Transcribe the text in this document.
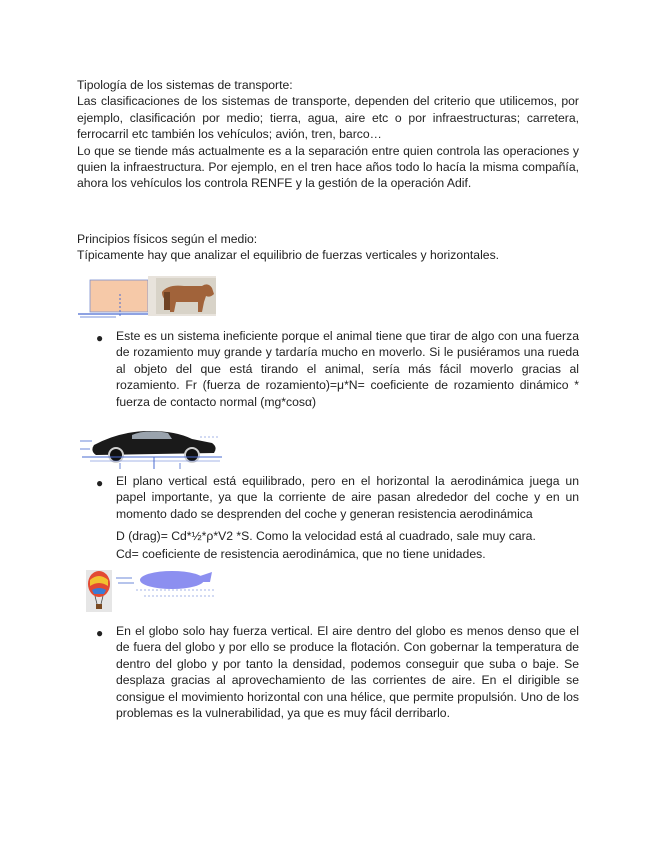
Tipología de los sistemas de transporte:

Las clasificaciones de los sistemas de transporte, dependen del criterio que utilicemos, por ejemplo, clasificación por medio; tierra, agua, aire etc o por infraestructuras; carretera, ferrocarril etc también los vehículos; avión, tren, barco…

Lo que se tiende más actualmente es a la separación entre quien controla las operaciones y quien la infraestructura. Por ejemplo, en el tren hace años todo lo hacía la misma compañía, ahora los vehículos los controla RENFE y la gestión de la operación Adif.

Principios físicos según el medio:

Típicamente hay que analizar el equilibrio de fuerzas verticales y horizontales.

● Este es un sistema ineficiente porque el animal tiene que tirar de algo con una fuerza de rozamiento muy grande y tardaría mucho en moverlo. Si le pusiéramos una rueda al objeto del que está tirando el animal, sería más fácil moverlo gracias al rozamiento. Fr (fuerza de rozamiento)=μ*N= coeficiente de rozamiento dinámico * fuerza de contacto normal (mg*cosα)

● El plano vertical está equilibrado, pero en el horizontal la aerodinámica juega un papel importante, ya que la corriente de aire pasan alrededor del coche y en un momento dado se desprenden del coche y generan resistencia aerodinámica

D (drag)= Cd*½*ρ*V2 *S. Como la velocidad está al cuadrado, sale muy cara.

Cd= coeficiente de resistencia aerodinámica, que no tiene unidades.

● En el globo solo hay fuerza vertical. El aire dentro del globo es menos denso que el de fuera del globo y por ello se produce la flotación. Con gobernar la temperatura de dentro del globo y por tanto la densidad, podemos conseguir que suba o baje. Se desplaza gracias al aprovechamiento de las corrientes de aire. En el dirigible se consigue el movimiento horizontal con una hélice, que permite propulsión. Uno de los problemas es la vulnerabilidad, ya que es muy fácil derribarlo.
